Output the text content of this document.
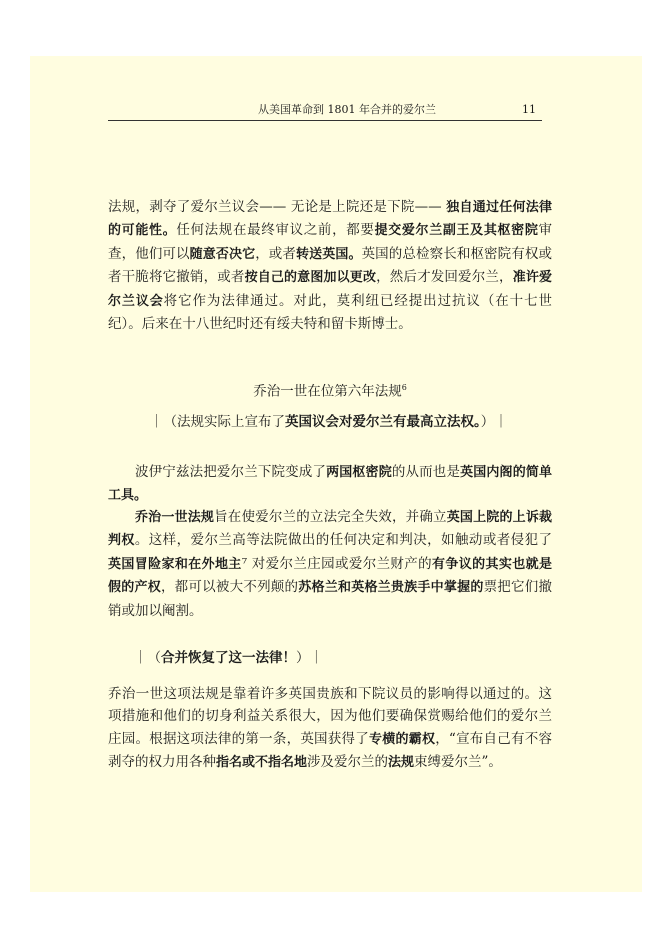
从美国革命到 1801 年合并的爱尔兰	11
法规，剥夺了爱尔兰议会—— 无论是上院还是下院—— 独自通过任何法律的可能性。任何法规在最终审议之前，都要提交爱尔兰副王及其枢密院审查，他们可以随意否决它，或者转送英国。英国的总检察长和枢密院有权或者干脆将它撤销，或者按自己的意图加以更改，然后才发回爱尔兰，准许爱尔兰议会将它作为法律通过。对此，莫利纽已经提出过抗议（在十七世纪）。后来在十八世纪时还有绥夫特和留卡斯博士。
乔治一世在位第六年法规$^6$
｜（法规实际上宣布了英国议会对爱尔兰有最高立法权。）｜
波伊宁兹法把爱尔兰下院变成了两国枢密院的从而也是英国内阁的简单工具。
乔治一世法规旨在使爱尔兰的立法完全失效，并确立英国上院的上诉裁判权。这样，爱尔兰高等法院做出的任何决定和判决，如触动或者侵犯了英国冒险家和在外地主⁷ 对爱尔兰庄园或爱尔兰财产的有争议的其实也就是假的产权，都可以被大不列颠的苏格兰和英格兰贵族手中掌握的票把它们撤销或加以阉割。
｜（合并恢复了这一法律！）｜
乔治一世这项法规是靠着许多英国贵族和下院议员的影响得以通过的。这项措施和他们的切身利益关系很大，因为他们要确保赏赐给他们的爱尔兰庄园。根据这项法律的第一条，英国获得了专横的霸权，“宣布自己有不容剥夺的权力用各种指名或不指名地涉及爱尔兰的法规束缚爱尔兰”。
